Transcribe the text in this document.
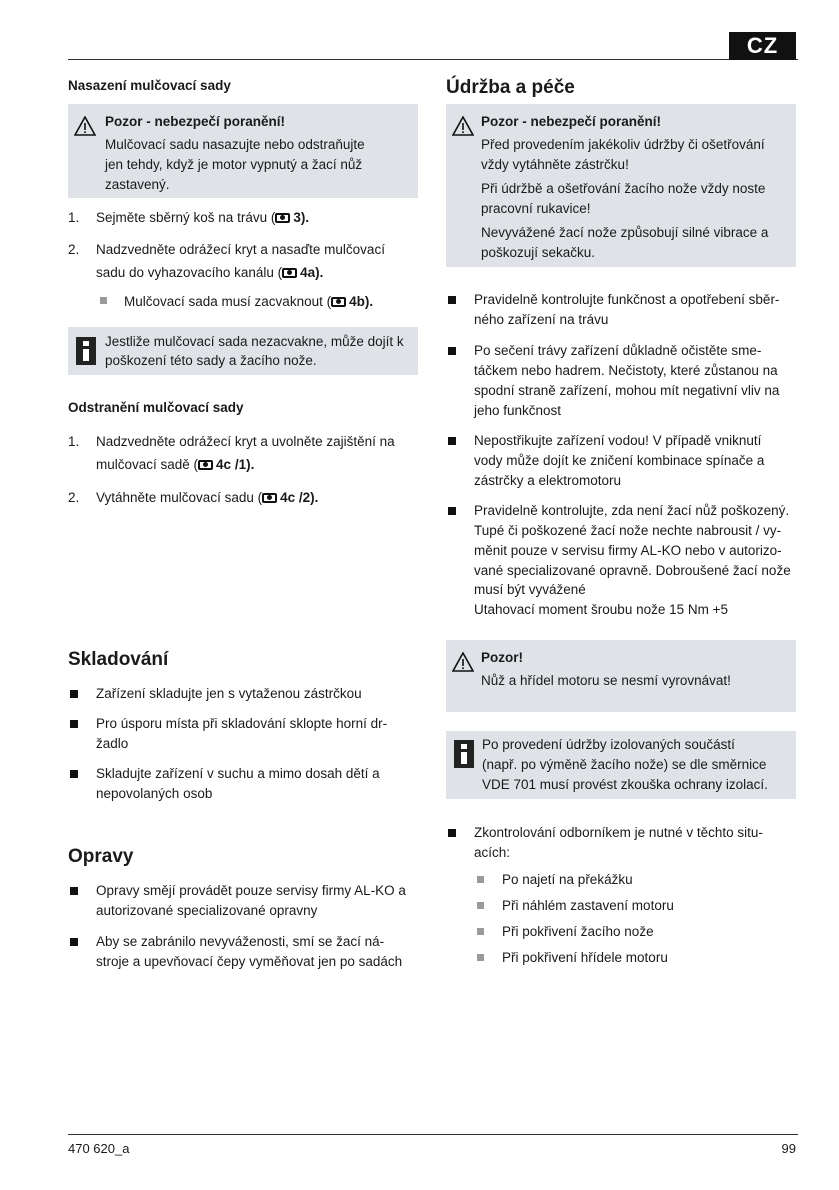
CZ
Nasazení mulčovací sady
Pozor - nebezpečí poranění!
Mulčovací sadu nasazujte nebo odstraňujte
jen tehdy, když je motor vypnutý a žací nůž
zastavený.
1. Sejměte sběrný koš na trávu ( 3).
2. Nadzvedněte odrážecí kryt a nasaďte mulčovací
sadu do vyhazovacího kanálu ( 4a).
Mulčovací sada musí zacvaknout ( 4b).
Jestliže mulčovací sada nezacvakne, může dojít k
poškození této sady a žacího nože.
Odstranění mulčovací sady
1. Nadzvedněte odrážecí kryt a uvolněte zajištění na
mulčovací sadě ( 4c /1).
2. Vytáhněte mulčovací sadu ( 4c /2).
Skladování
Zařízení skladujte jen s vytaženou zástrčkou
Pro úsporu místa při skladování sklopte horní dr-
žadlo
Skladujte zařízení v suchu a mimo dosah dětí a
nepovolaných osob
Opravy
Opravy smějí provádět pouze servisy firmy AL-KO a
autorizované specializované opravny
Aby se zabránilo nevyváženosti, smí se žací ná-
stroje a upevňovací čepy vyměňovat jen po sadách
Údržba a péče
Pozor - nebezpečí poranění!
Před provedením jakékoliv údržby či ošetřování
vždy vytáhněte zástrčku!
Při údržbě a ošetřování žacího nože vždy noste
pracovní rukavice!
Nevyvážené žací nože způsobují silné vibrace a
poškozují sekačku.
Pravidelně kontrolujte funkčnost a opotřebení sběr-
ného zařízení na trávu
Po sečení trávy zařízení důkladně očistěte sme-
táčkem nebo hadrem. Nečistoty, které zůstanou na
spodní straně zařízení, mohou mít negativní vliv na
jeho funkčnost
Nepostřikujte zařízení vodou! V případě vniknutí
vody může dojít ke zničení kombinace spínače a
zástrčky a elektromotoru
Pravidelně kontrolujte, zda není žací nůž poškozený.
Tupé či poškozené žací nože nechte nabrousit / vy-
měnit pouze v servisu firmy AL-KO nebo v autorizo-
vané specializované opravně. Dobroušené žací nože
musí být vyvážené
Utahovací moment šroubu nože 15 Nm +5
Pozor!
Nůž a hřídel motoru se nesmí vyrovnávat!
Po provedení údržby izolovaných součástí
(např. po výměně žacího nože) se dle směrnice
VDE 701 musí provést zkouška ochrany izolací.
Zkontrolování odborníkem je nutné v těchto situ-
acích:
Po najetí na překážku
Při náhlém zastavení motoru
Při pokřivení žacího nože
Při pokřivení hřídele motoru
470 620_a	99
